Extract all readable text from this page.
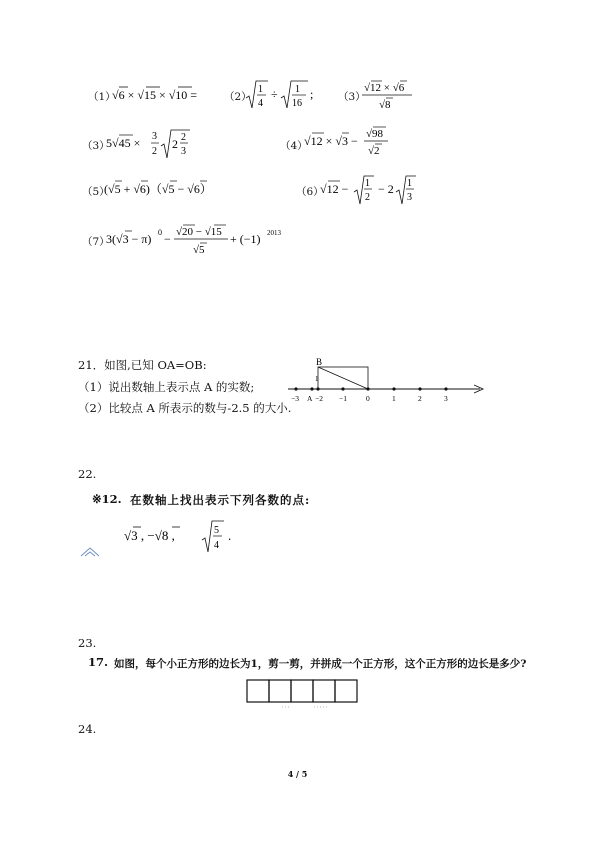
（1）
√6 × √15 × √10 =	（2）
1
4
÷ 1
16
; （3）
√12 × √6
√8
（3）
5√45 × 3
2
2 2
3	（4）
√12 × √3 − √98
√2
（5）
(√5 + √6)（√5 − √6）	（6）
√12 − 1
2
− 2 1
3
（7）
3(√3 − π) 0 − √20 − √15
√5
+ (−1) 2013
21．如图,已知 OA=OB:
（1）说出数轴上表示点 A 的实数;
（2）比较点 A 所表示的数与-2.5 的大小.
B
1
−3 A −2 −1	0	1	2	3
22.
※12. 在数轴上找出表示下列各数的点:
√3 , −√8 , √(5/4) .
√3 , −√8 ,	5
4
.
23.
17. 如图，每个小正方形的边长为1，剪一剪，并拼成一个正方形，这个正方形的边长是多少?
24.
4 / 5
